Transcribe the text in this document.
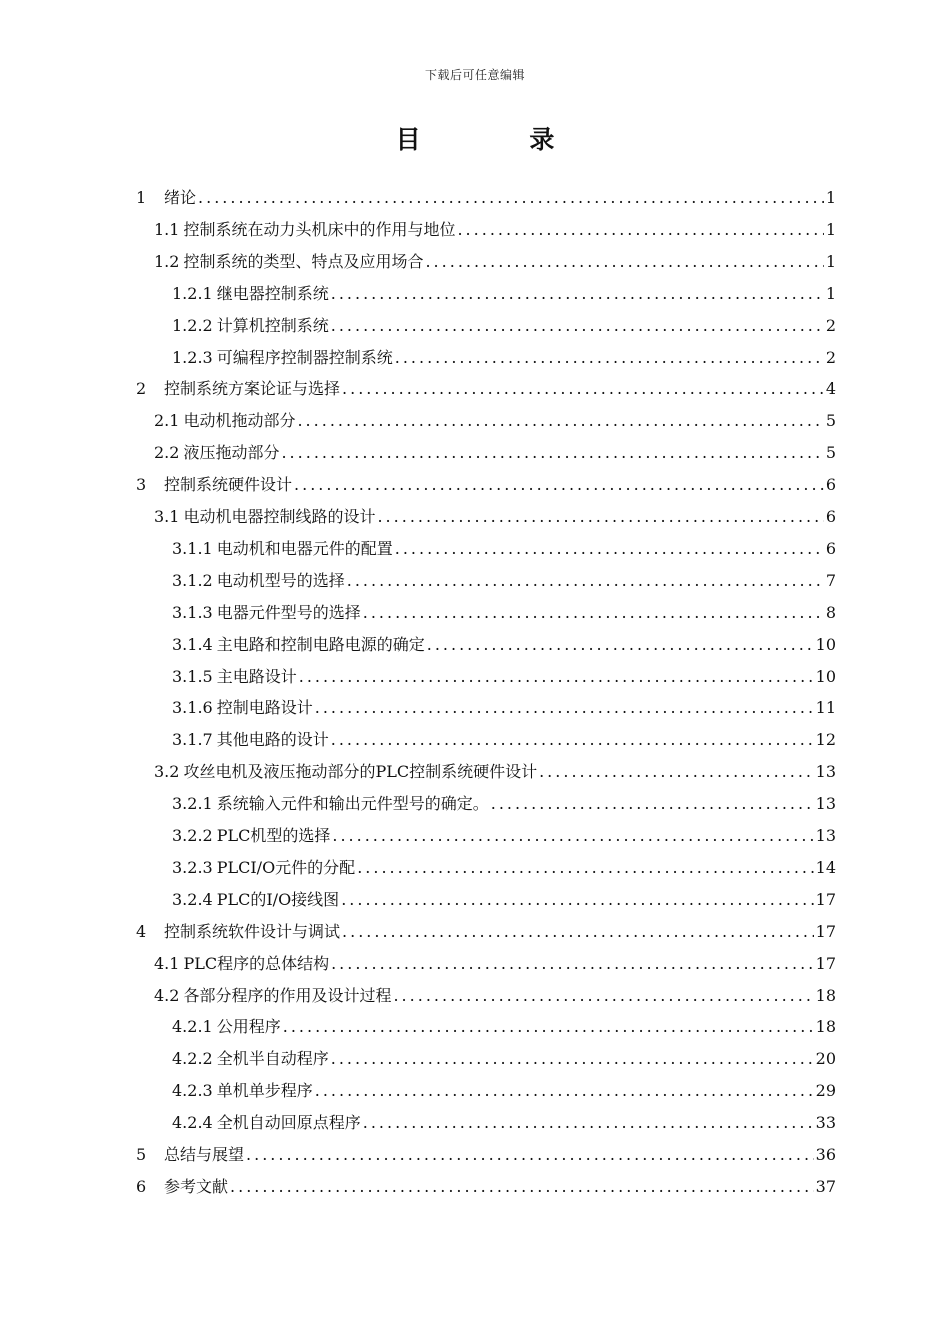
下载后可任意编辑
目 录
1 绪论 .....	1
1.1 控制系统在动力头机床中的作用与地位 .....	1
1.2 控制系统的类型、特点及应用场合 .....	1
1.2.1 继电器控制系统 .....	1
1.2.2 计算机控制系统 .....	2
1.2.3 可编程序控制器控制系统 .....	2
2 控制系统方案论证与选择 .....	4
2.1 电动机拖动部分 .....	5
2.2 液压拖动部分 .....	5
3 控制系统硬件设计 .....	6
3.1 电动机电器控制线路的设计 .....	6
3.1.1 电动机和电器元件的配置 .....	6
3.1.2 电动机型号的选择 .....	7
3.1.3 电器元件型号的选择 .....	8
3.1.4 主电路和控制电路电源的确定 .....	10
3.1.5 主电路设计 .....	10
3.1.6 控制电路设计 .....	11
3.1.7 其他电路的设计 .....	12
3.2 攻丝电机及液压拖动部分的PLC控制系统硬件设计 .....	13
3.2.1 系统输入元件和输出元件型号的确定。 .....	13
3.2.2 PLC机型的选择 .....	13
3.2.3 PLCI/O元件的分配 .....	14
3.2.4 PLC的I/O接线图 .....	17
4 控制系统软件设计与调试 .....	17
4.1 PLC程序的总体结构 .....	17
4.2 各部分程序的作用及设计过程 .....	18
4.2.1 公用程序 .....	18
4.2.2 全机半自动程序 .....	20
4.2.3 单机单步程序 .....	29
4.2.4 全机自动回原点程序 .....	33
5 总结与展望 .....	36
6 参考文献 .....	37
